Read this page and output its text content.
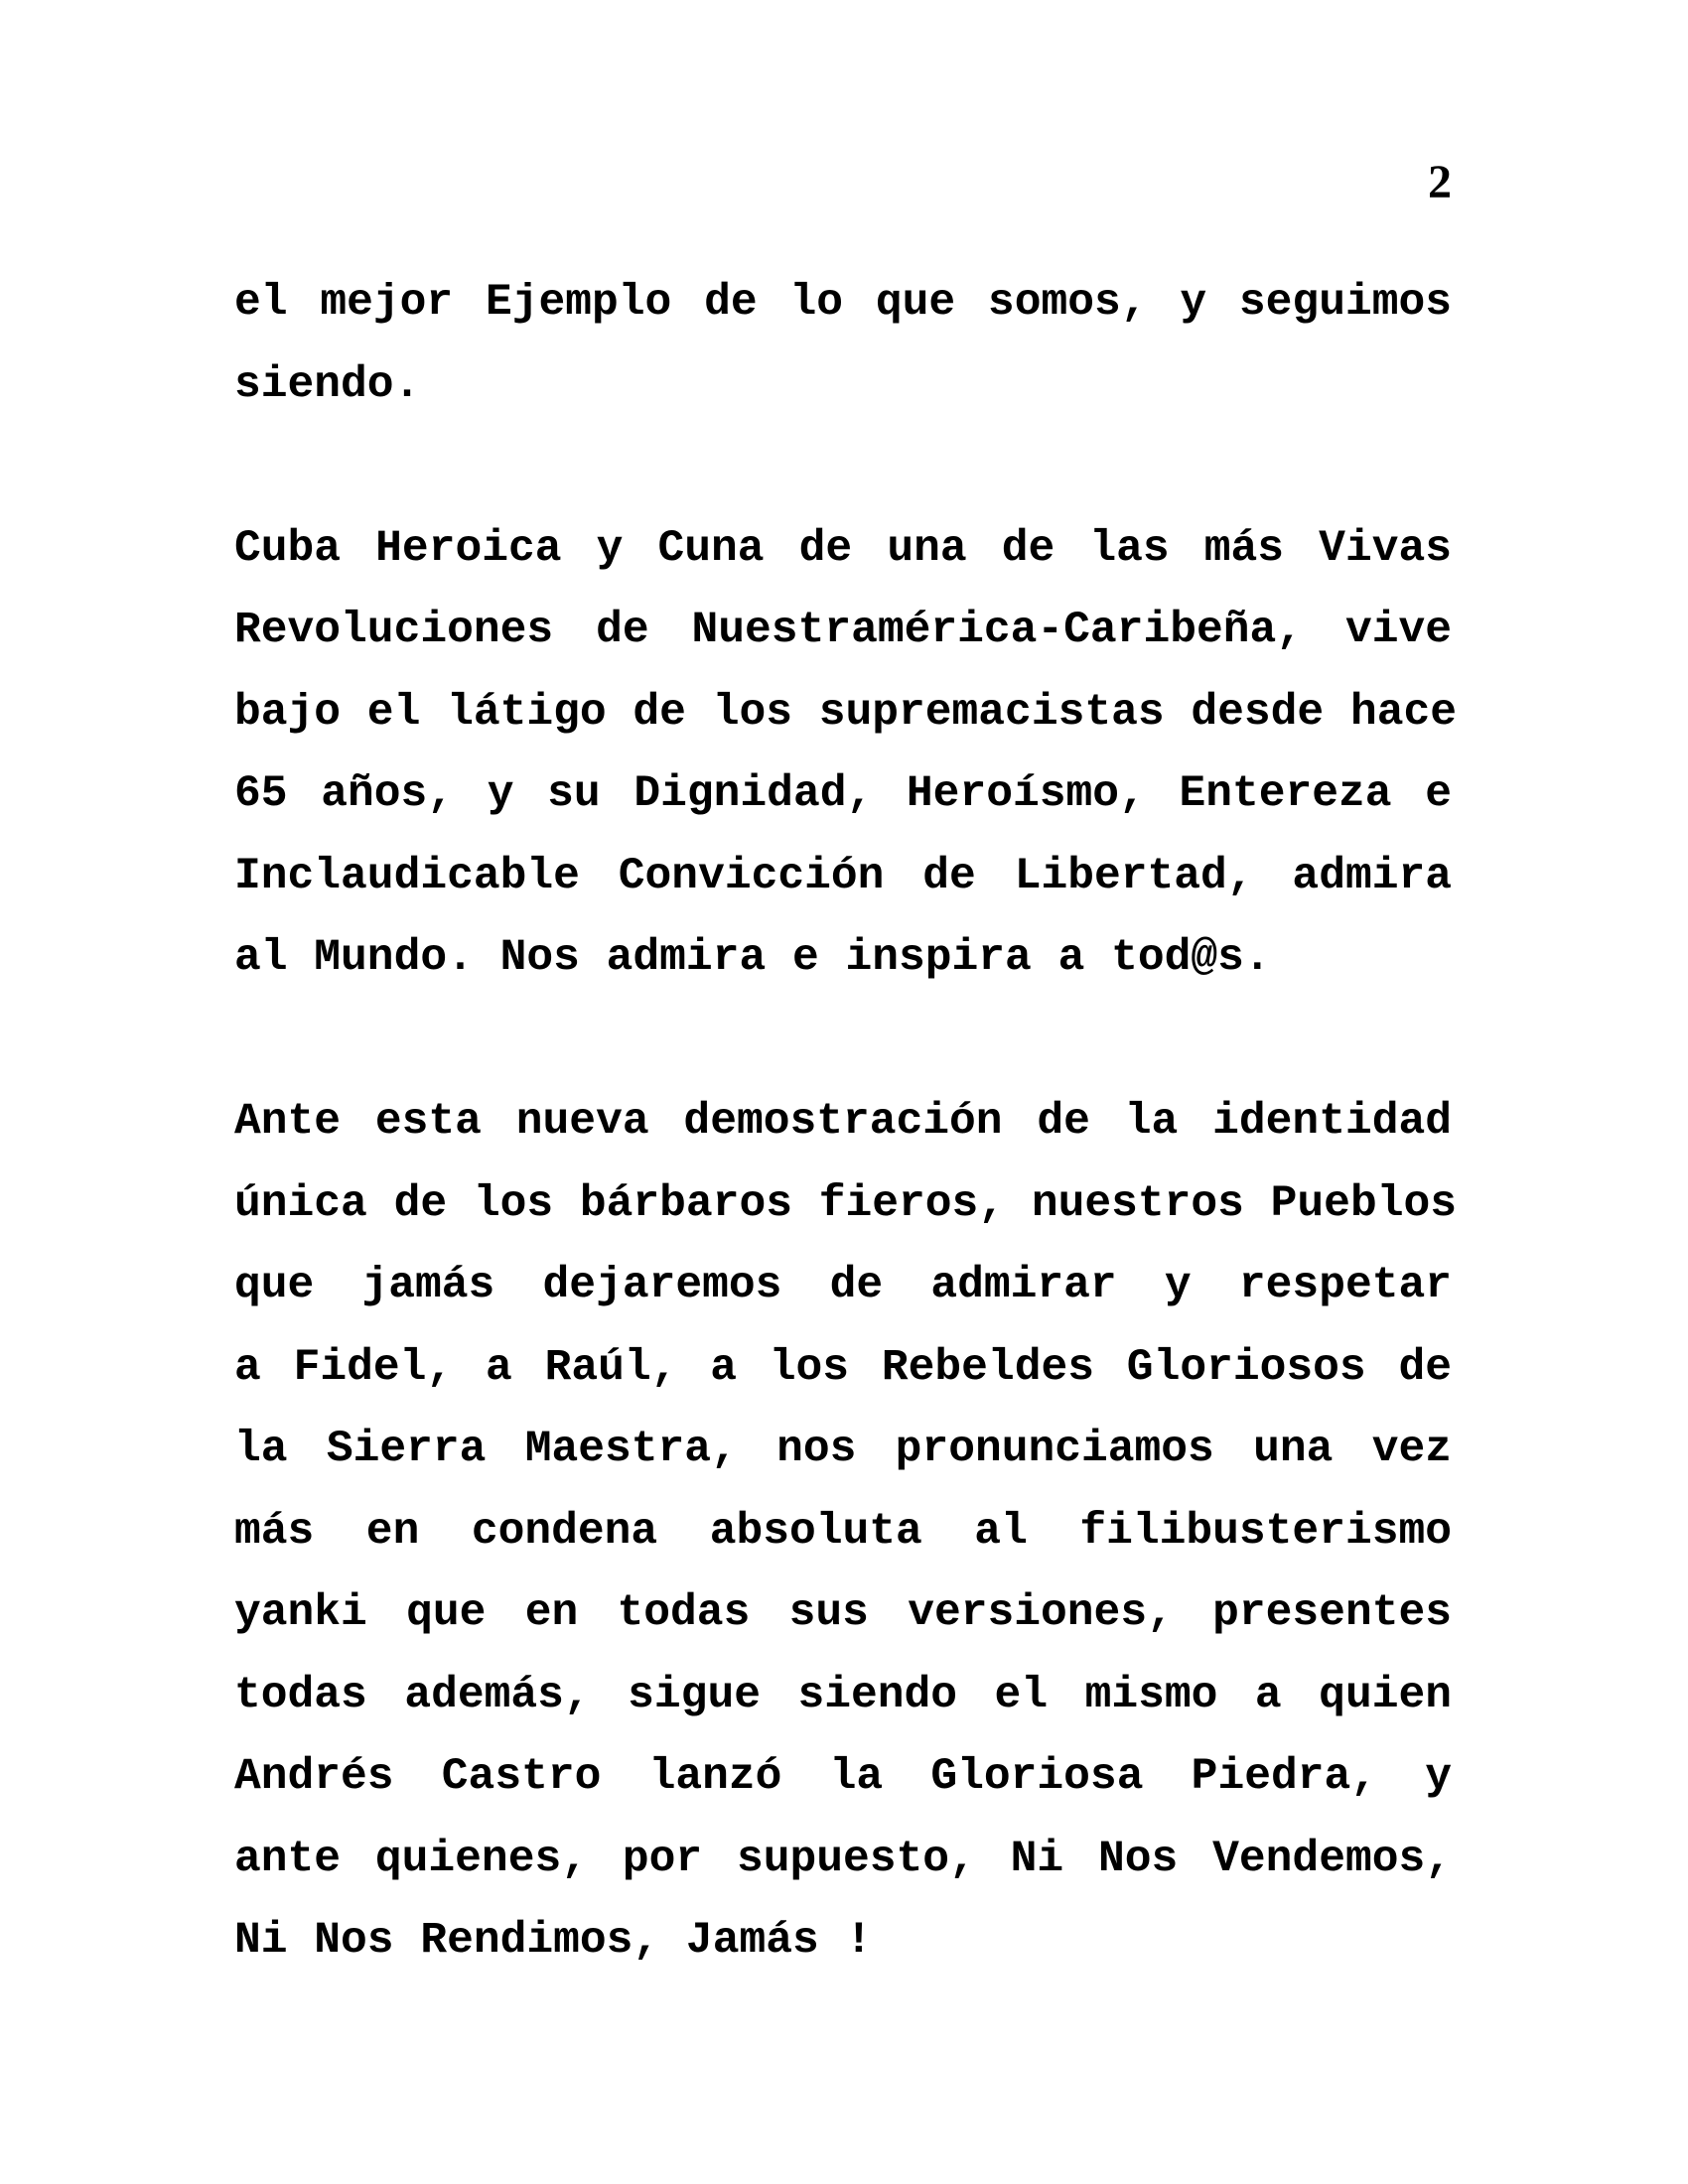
2
el mejor Ejemplo de lo que somos, y seguimos
siendo.
Cuba Heroica y Cuna de una de las más Vivas
Revoluciones de Nuestramérica-Caribeña, vive
bajo el látigo de los supremacistas desde hace
65 años, y su Dignidad, Heroísmo, Entereza e
Inclaudicable Convicción de Libertad, admira
al Mundo. Nos admira e inspira a tod@s.
Ante esta nueva demostración de la identidad
única de los bárbaros fieros, nuestros Pueblos
que jamás dejaremos de admirar y respetar
a Fidel, a Raúl, a los Rebeldes Gloriosos de
la Sierra Maestra, nos pronunciamos una vez
más en condena absoluta al filibusterismo
yanki que en todas sus versiones, presentes
todas además, sigue siendo el mismo a quien
Andrés Castro lanzó la Gloriosa Piedra, y
ante quienes, por supuesto, Ni Nos Vendemos,
Ni Nos Rendimos, Jamás !
